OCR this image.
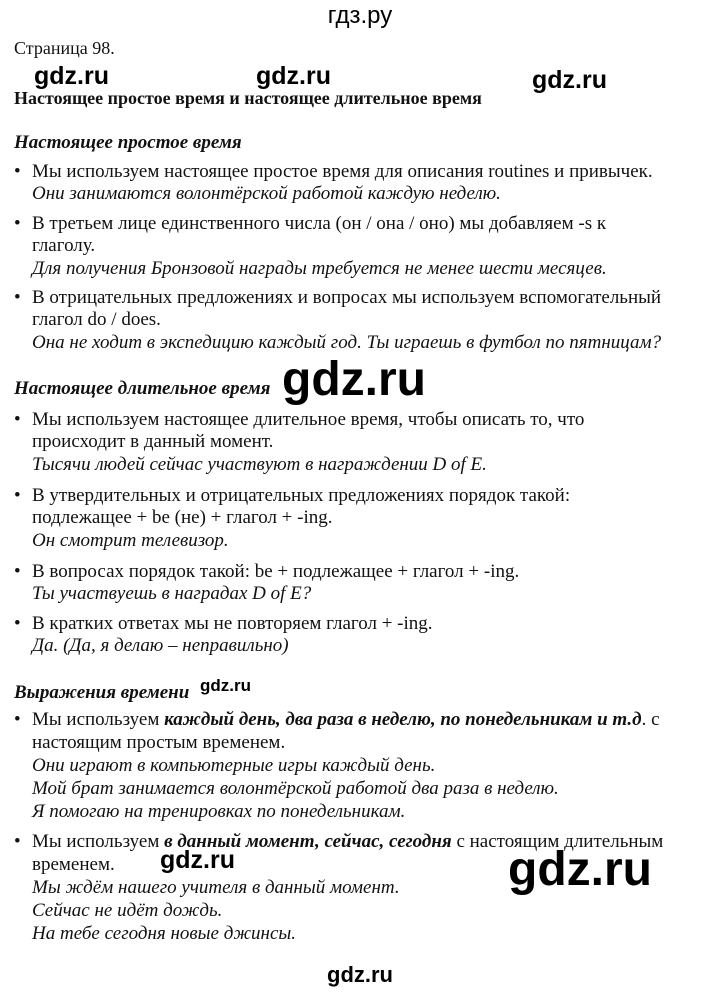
гдз.ру
Страница 98.
Настоящее простое время и настоящее длительное время
Настоящее простое время
• Мы используем настоящее простое время для описания routines и привычек.
Они занимаются волонтёрской работой каждую неделю.
• В третьем лице единственного числа (он / она / оно) мы добавляем -s к
глаголу.
Для получения Бронзовой награды требуется не менее шести месяцев.
• В отрицательных предложениях и вопросах мы используем вспомогательный
глагол do / does.
Она не ходит в экспедицию каждый год. Ты играешь в футбол по пятницам?
Настоящее длительное время
• Мы используем настоящее длительное время, чтобы описать то, что
происходит в данный момент.
Тысячи людей сейчас участвуют в награждении D of E.
• В утвердительных и отрицательных предложениях порядок такой:
подлежащее + be (не) + глагол + -ing.
Он смотрит телевизор.
• В вопросах порядок такой: be + подлежащее + глагол + -ing.
Ты участвуешь в наградах D of E?
• В кратких ответах мы не повторяем глагол + -ing.
Да. (Да, я делаю – неправильно)
Выражения времени
• Мы используем каждый день, два раза в неделю, по понедельникам и т.д. с
настоящим простым временем.
Они играют в компьютерные игры каждый день.
Мой брат занимается волонтёрской работой два раза в неделю.
Я помогаю на тренировках по понедельникам.
• Мы используем в данный момент, сейчас, сегодня с настоящим длительным
временем.
Мы ждём нашего учителя в данный момент.
Сейчас не идёт дождь.
На тебе сегодня новые джинсы.
gdz.ru	gdz.ru	gdz.ru
gdz.ru
gdz.ru
gdz.ru	gdz.ru
gdz.ru
